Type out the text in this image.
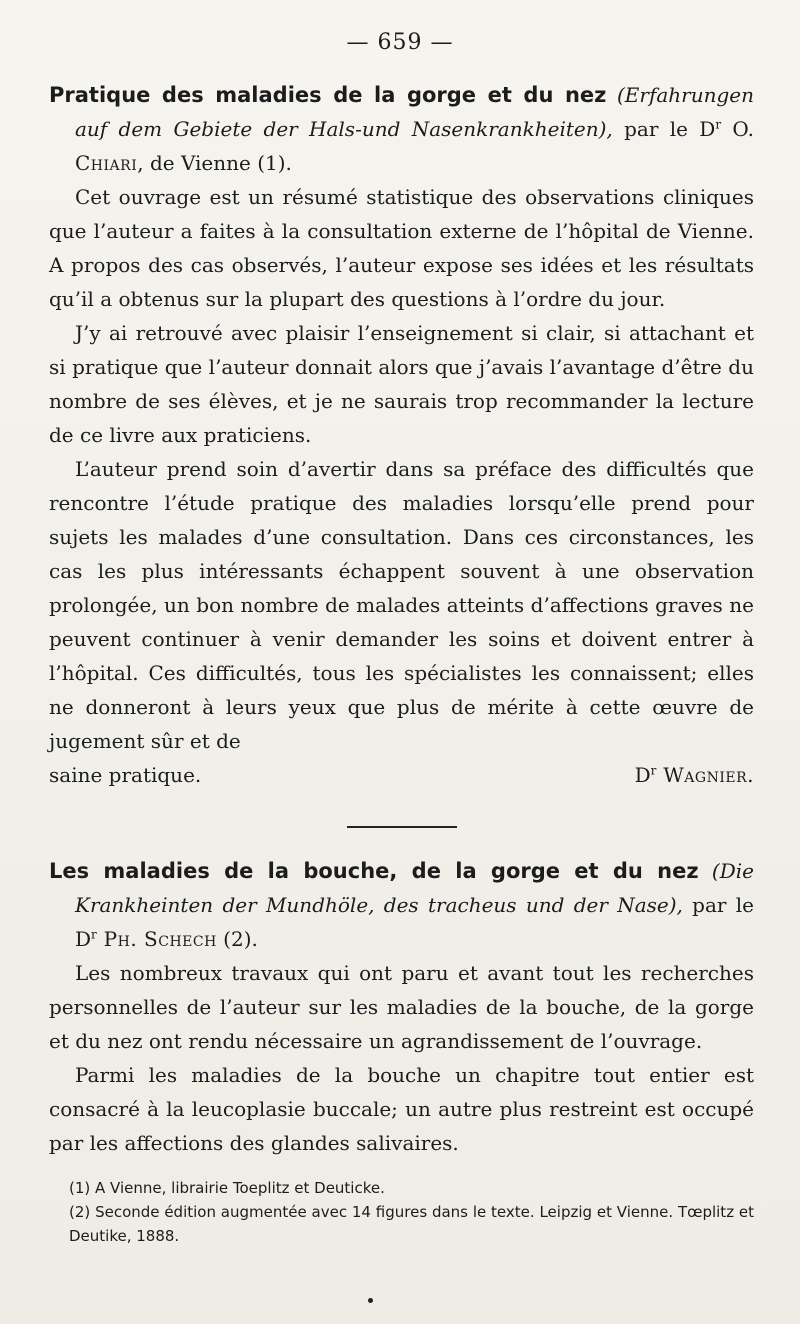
— 659 —

Pratique des maladies de la gorge et du nez (Erfahrungen auf dem Gebiete der Hals-und Nasenkrankheiten), par le $D^r$ O. Chiari, de Vienne (1).

Cet ouvrage est un résumé statistique des observations cliniques que l’auteur a faites à la consultation externe de l’hôpital de Vienne. A propos des cas observés, l’auteur expose ses idées et les résultats qu’il a obtenus sur la plupart des questions à l’ordre du jour.

J’y ai retrouvé avec plaisir l’enseignement si clair, si attachant et si pratique que l’auteur donnait alors que j’avais l’avantage d’être du nombre de ses élèves, et je ne saurais trop recommander la lecture de ce livre aux praticiens.

L’auteur prend soin d’avertir dans sa préface des difficultés que rencontre l’étude pratique des maladies lorsqu’elle prend pour sujets les malades d’une consultation. Dans ces circonstances, les cas les plus intéressants échappent souvent à une observation prolongée, un bon nombre de malades atteints d’affections graves ne peuvent continuer à venir demander les soins et doivent entrer à l’hôpital. Ces difficultés, tous les spécialistes les connaissent; elles ne donneront à leurs yeux que plus de mérite à cette œuvre de jugement sûr et de

saine pratique.	$D^r$ Wagnier.

Les maladies de la bouche, de la gorge et du nez (Die Krankheinten der Mundhöle, des tracheus und der Nase), par le $D^r$ Ph. Schech (2).

Les nombreux travaux qui ont paru et avant tout les recherches personnelles de l’auteur sur les maladies de la bouche, de la gorge et du nez ont rendu nécessaire un agrandissement de l’ouvrage.

Parmi les maladies de la bouche un chapitre tout entier est consacré à la leucoplasie buccale; un autre plus restreint est occupé par les affections des glandes salivaires.

(1) A Vienne, librairie Toeplitz et Deuticke.
(2) Seconde édition augmentée avec 14 figures dans le texte. Leipzig et Vienne. Tœplitz et Deutike, 1888.
